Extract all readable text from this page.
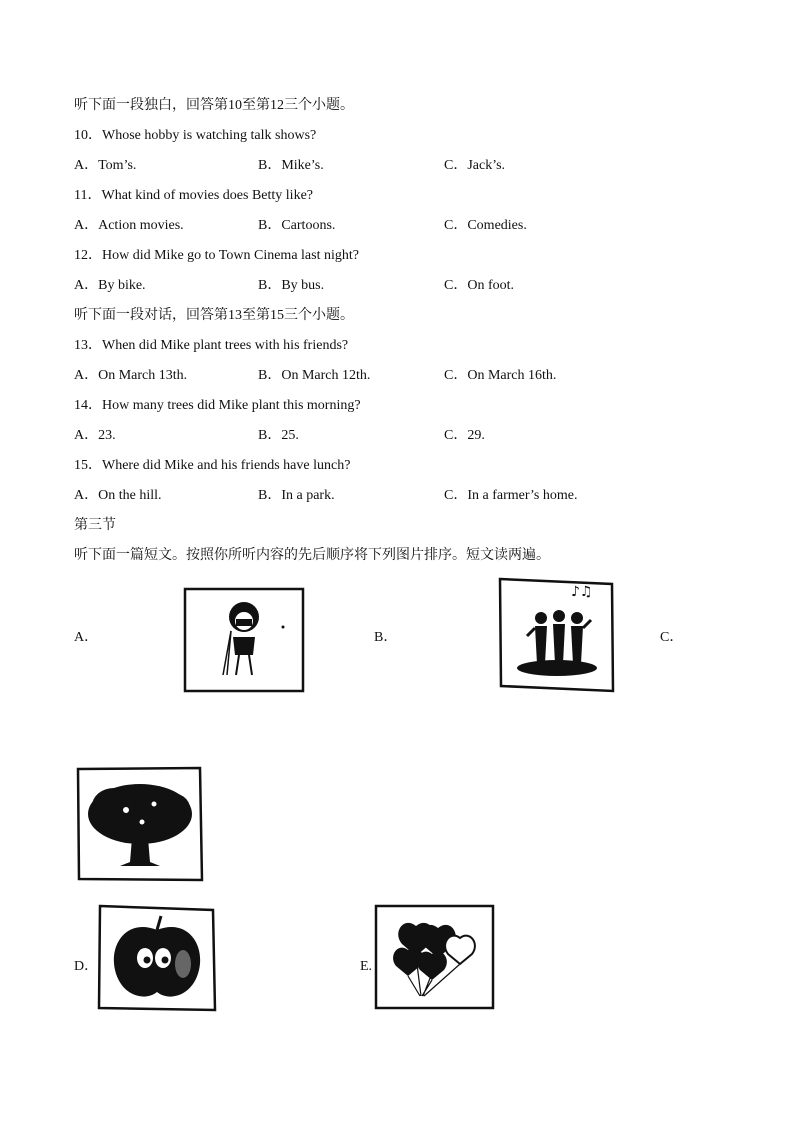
听下面一段独白，回答第10至第12三个小题。
10．Whose hobby is watching talk shows?
A．Tom’s.	B．Mike’s.	C．Jack’s.
11．What kind of movies does Betty like?
A．Action movies.	B．Cartoons.	C．Comedies.
12．How did Mike go to Town Cinema last night?
A．By bike.	B．By bus.	C．On foot.
听下面一段对话，回答第13至第15三个小题。
13．When did Mike plant trees with his friends?
A．On March 13th.	B．On March 12th.	C．On March 16th.
14．How many trees did Mike plant this morning?
A．23.	B．25.	C．29.
15．Where did Mike and his friends have lunch?
A．On the hill.	B．In a park.	C．In a farmer’s home.
第三节
听下面一篇短文。按照你所听内容的先后顺序将下列图片排序。短文读两遍。
A．	B．	C．
D．	E.
♪♫
